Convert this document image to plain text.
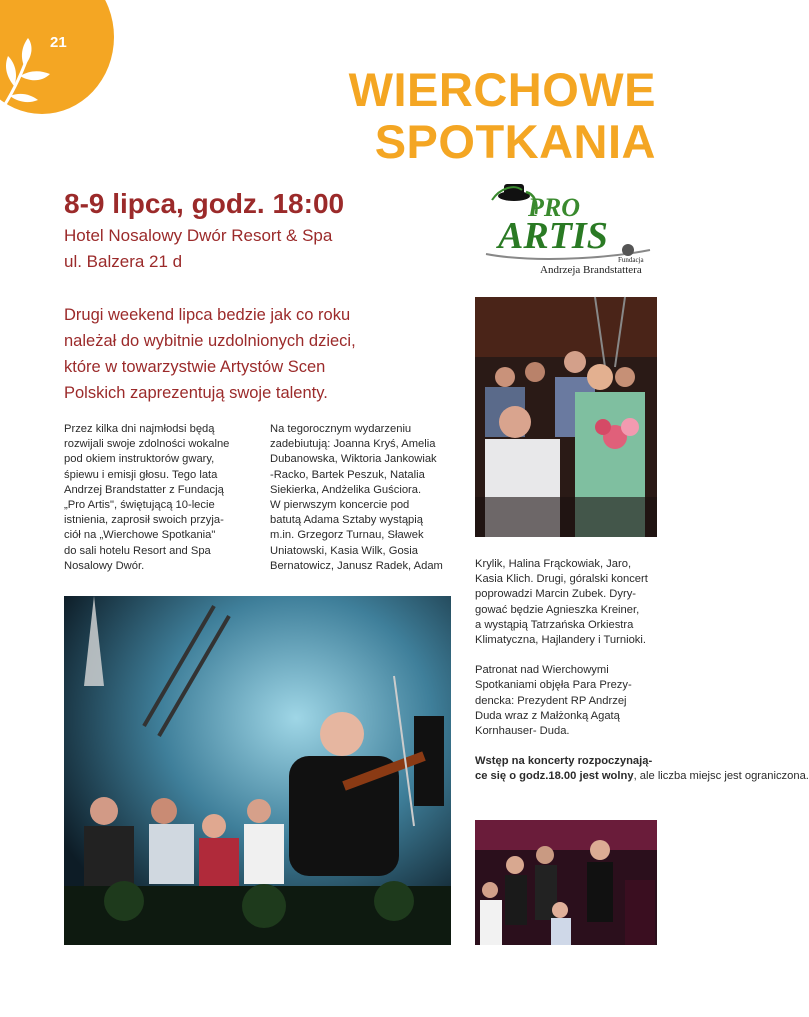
21
WIERCHOWE
SPOTKANIA
8-9 lipca, godz. 18:00
Hotel Nosalowy Dwór Resort & Spa
ul. Balzera 21 d
PRO
ARTIS
Fundacja
Andrzeja Brandstattera

Drugi weekend lipca bedzie jak co roku

należał do wybitnie uzdolnionych dzieci,

które w towarzystwie Artystów Scen

Polskich zaprezentują swoje talenty.

Przez kilka dni najmłodsi będą

rozwijali swoje zdolności wokalne

pod okiem instruktorów gwary,

śpiewu i emisji głosu. Tego lata

Andrzej Brandstatter z Fundacją

„Pro Artis", świętującą 10-lecie

istnienia, zaprosił swoich przyja-

ciół na „Wierchowe Spotkania"

do sali hotelu Resort and Spa

Nosalowy Dwór.

Na tegorocznym wydarzeniu

zadebiutują: Joanna Kryś, Amelia

Dubanowska, Wiktoria Jankowiak

-Racko, Bartek Peszuk, Natalia

Siekierka, Andżelika Guściora.

W pierwszym koncercie pod

batutą Adama Sztaby wystąpią

m.in. Grzegorz Turnau, Sławek

Uniatowski, Kasia Wilk, Gosia

Bernatowicz, Janusz Radek, Adam	Krylik, Halina Frąckowiak, Jaro,

Kasia Klich. Drugi, góralski koncert

poprowadzi Marcin Zubek. Dyry-

gować będzie Agnieszka Kreiner,

a wystąpią Tatrzańska Orkiestra

Klimatyczna, Hajlandery i Turnioki.

Patronat nad Wierchowymi

Spotkaniami objęła Para Prezy-

dencka: Prezydent RP Andrzej

Duda wraz z Małżonką Agatą

Kornhauser- Duda.

Wstęp na koncerty rozpoczynają-

ce się o godz.18.00 jest wolny, ale liczba miejsc jest ograniczona.
